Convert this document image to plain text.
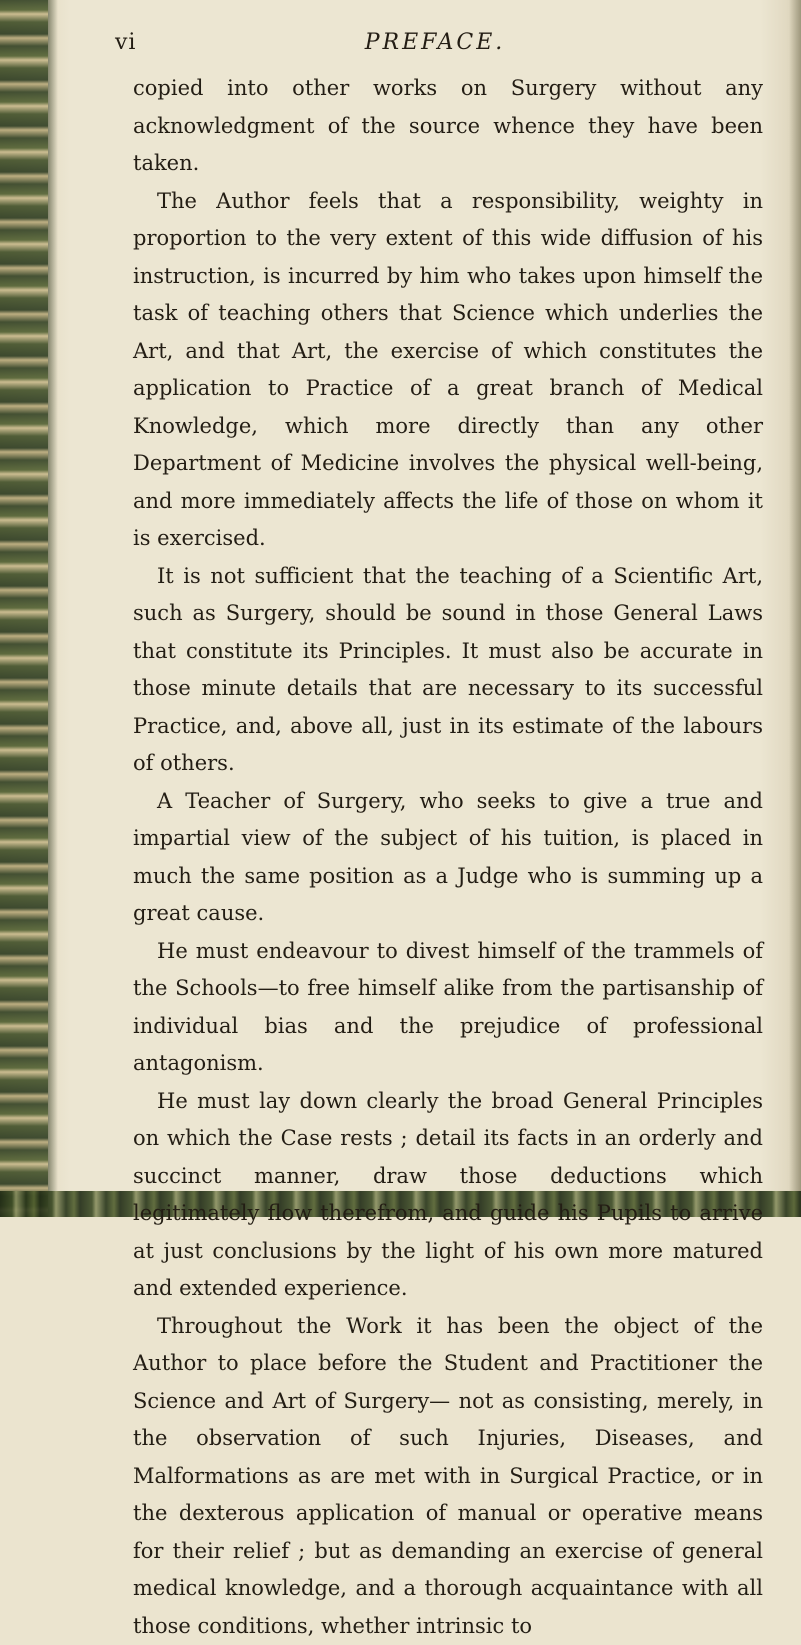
vi	PREFACE.

copied into other works on Surgery without any acknowledgment of the source whence they have been taken.

The Author feels that a responsibility, weighty in proportion to the very extent of this wide diffusion of his instruction, is incurred by him who takes upon himself the task of teaching others that Science which underlies the Art, and that Art, the exercise of which constitutes the application to Practice of a great branch of Medical Knowledge, which more directly than any other Department of Medicine involves the physical well-being, and more immediately affects the life of those on whom it is exercised.

It is not sufficient that the teaching of a Scientific Art, such as Surgery, should be sound in those General Laws that constitute its Principles. It must also be accurate in those minute details that are necessary to its successful Practice, and, above all, just in its estimate of the labours of others.

A Teacher of Surgery, who seeks to give a true and impartial view of the subject of his tuition, is placed in much the same position as a Judge who is summing up a great cause.

He must endeavour to divest himself of the trammels of the Schools—to free himself alike from the partisanship of individual bias and the prejudice of professional antagonism.

He must lay down clearly the broad General Principles on which the Case rests ; detail its facts in an orderly and succinct manner, draw those deductions which legitimately flow therefrom, and guide his Pupils to arrive at just conclusions by the light of his own more matured and extended experience.

Throughout the Work it has been the object of the Author to place before the Student and Practitioner the Science and Art of Surgery— not as consisting, merely, in the observation of such Injuries, Diseases, and Malformations as are met with in Surgical Practice, or in the dexterous application of manual or operative means for their relief ; but as demanding an exercise of general medical knowledge, and a thorough acquaintance with all those conditions, whether intrinsic to
